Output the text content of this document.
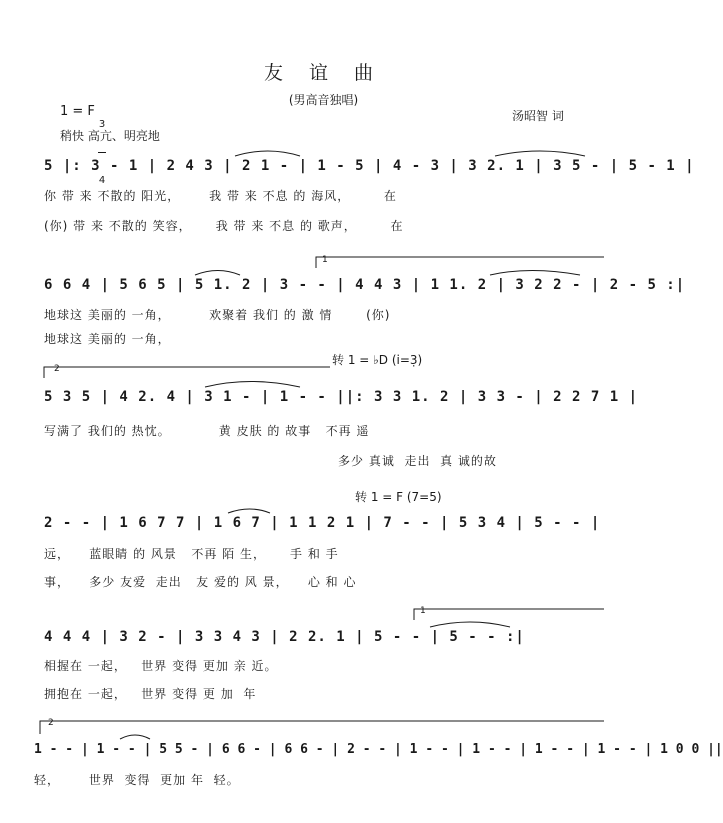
友 谊 曲
(男高音独唱)
1 = F

3

4

稍快 高亢、明亮地
汤昭智 词
5 |: 3 - 1 | 2 4 3 | 2 1 - | 1 - 5 | 4 - 3 | 3 2. 1 | 3 5 - | 5 - 1 |
你 带 来 不散的 阳光，      我 带 来 不息 的 海风，       在
(你) 带 来 不散的 笑容，     我 带 来 不息 的 歌声，       在
1
6 6 4 | 5 6 5 | 5 1. 2 | 3 - - | 4 4 3 | 1 1. 2 | 3 2 2 - | 2 - 5 :|
地球这 美丽的 一角，        欢聚着 我们 的 激 情       (你)
地球这 美丽的 一角，
2
转 1 = ♭D (i̇=3̣)
5 3 5 | 4 2. 4 | 3 1 - | 1 - - ||: 3 3 1. 2 | 3 3 - | 2 2 7 1 |
写满了 我们的 热忱。          黄 皮肤 的 故事   不再 遥
多少 真诚  走出  真 诚的故
转 1 = F (7=5)
2 - - | 1 6 7 7 | 1 6 7 | 1 1 2 1 | 7 - - | 5 3 4 | 5 - - |
远，    蓝眼睛 的 风景   不再 陌 生，     手 和 手
事，    多少 友爱  走出   友 爱的 风 景，    心 和 心
1
4 4 4 | 3 2 - | 3 3 4 3 | 2 2. 1 | 5 - - | 5 - - :|
相握在 一起，   世界 变得 更加 亲 近。
拥抱在 一起，   世界 变得 更 加  年
2
1 - - | 1 - - | 5 5 - | 6 6 - | 6 6 - | 2 - - | 1 - - | 1 - - | 1 - - | 1 - - | 1 0 0 ||
轻，      世界  变得  更加 年  轻。
